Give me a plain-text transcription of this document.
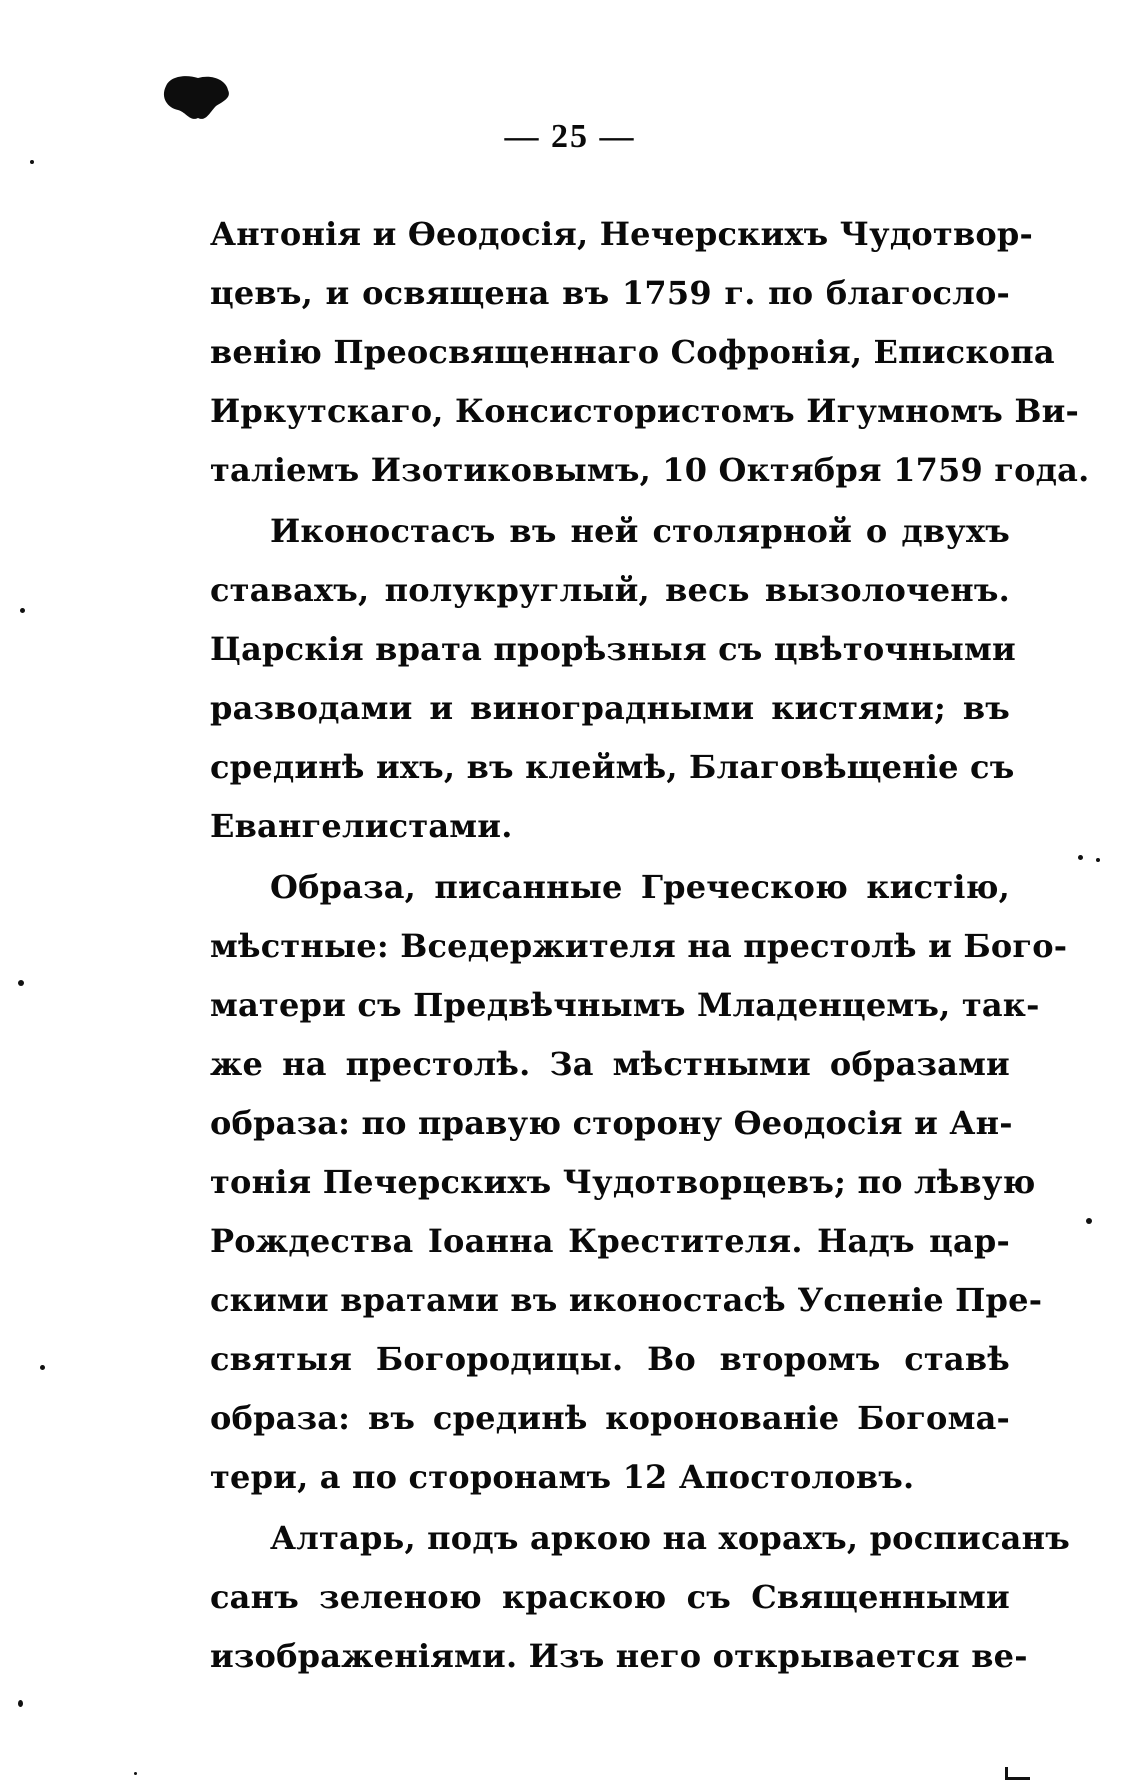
— 25 —
Антонія и Өеодосія, Нечерскихъ Чудотвор-
цевъ, и освящена въ 1759 г. по благосло-
венію Преосвященнаго Софронія, Епископа
Иркутскаго, Консистористомъ Игумномъ Ви-
таліемъ Изотиковымъ, 10 Октября 1759 года.
Иконостасъ въ ней столярной о двухъ
ставахъ, полукруглый, весь вызолоченъ.
Царскія врата прорѣзныя съ цвѣточными
разводами и виноградными кистями; въ
срединѣ ихъ, въ клеймѣ, Благовѣщеніе съ
Евангелистами.
Образа, писанные Греческою кистію,
мѣстные: Вседержителя на престолѣ и Бого-
матери съ Предвѣчнымъ Младенцемъ, так-
же на престолѣ. За мѣстными образами
образа: по правую сторону Өеодосія и Ан-
тонія Печерскихъ Чудотворцевъ; по лѣвую
Рождества Іоанна Крестителя. Надъ цар-
скими вратами въ иконостасѣ Успеніе Пре-
святыя Богородицы. Во второмъ ставѣ
образа: въ срединѣ коронованіе Богома-
тери, а по сторонамъ 12 Апостоловъ.
Алтарь, подъ аркою на хорахъ, росписанъ
санъ зеленою краскою съ Священными
изображеніями. Изъ него открывается ве-
